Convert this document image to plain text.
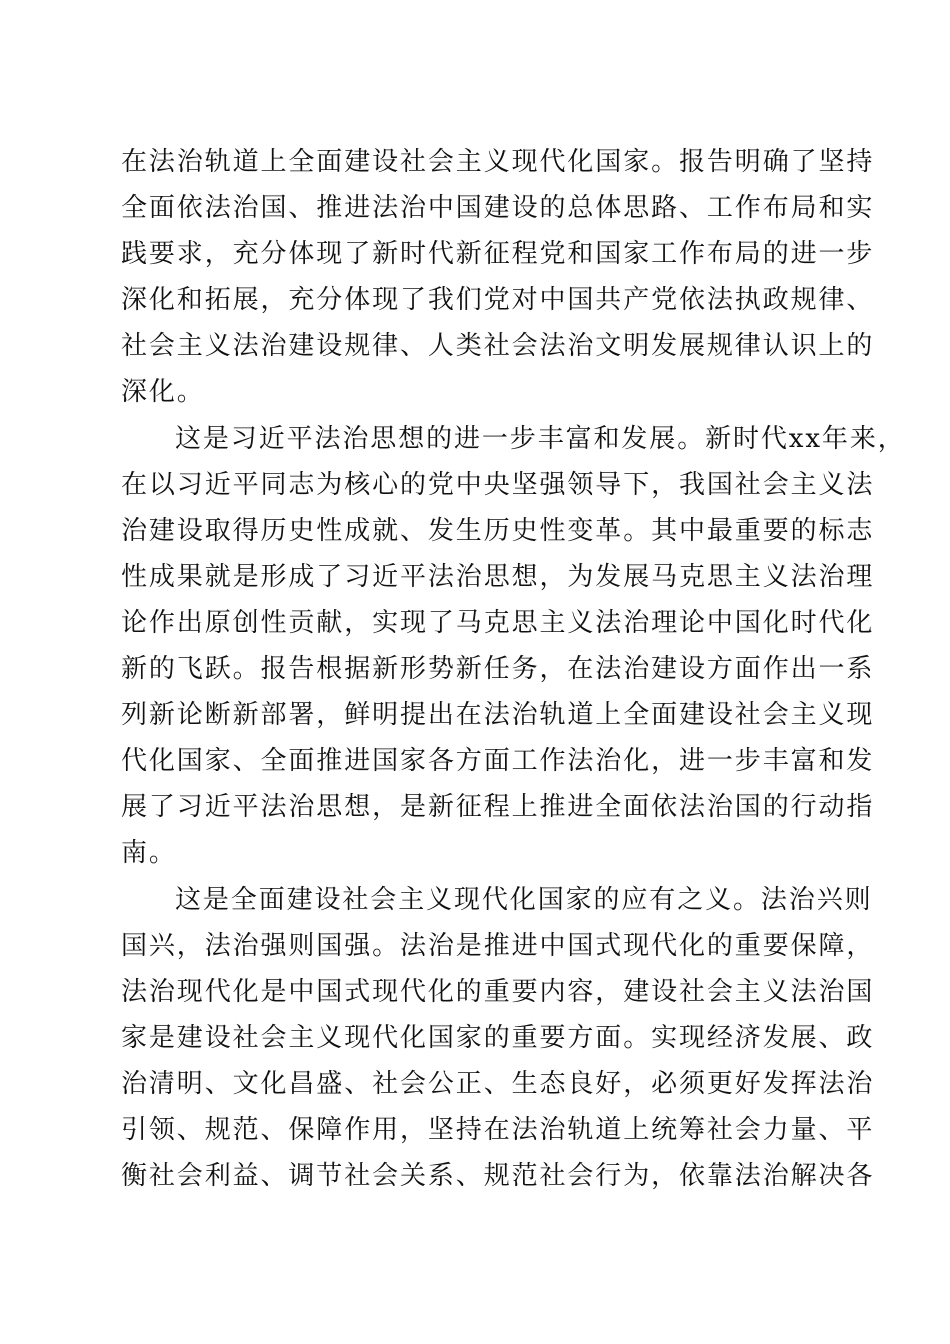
在法治轨道上全面建设社会主义现代化国家。报告明确了坚持
全面依法治国、推进法治中国建设的总体思路、工作布局和实
践要求，充分体现了新时代新征程党和国家工作布局的进一步
深化和拓展，充分体现了我们党对中国共产党依法执政规律、
社会主义法治建设规律、人类社会法治文明发展规律认识上的
深化。
这是习近平法治思想的进一步丰富和发展。新时代xx年来，
在以习近平同志为核心的党中央坚强领导下，我国社会主义法
治建设取得历史性成就、发生历史性变革。其中最重要的标志
性成果就是形成了习近平法治思想，为发展马克思主义法治理
论作出原创性贡献，实现了马克思主义法治理论中国化时代化
新的飞跃。报告根据新形势新任务，在法治建设方面作出一系
列新论断新部署，鲜明提出在法治轨道上全面建设社会主义现
代化国家、全面推进国家各方面工作法治化，进一步丰富和发
展了习近平法治思想，是新征程上推进全面依法治国的行动指
南。
这是全面建设社会主义现代化国家的应有之义。法治兴则
国兴，法治强则国强。法治是推进中国式现代化的重要保障，
法治现代化是中国式现代化的重要内容，建设社会主义法治国
家是建设社会主义现代化国家的重要方面。实现经济发展、政
治清明、文化昌盛、社会公正、生态良好，必须更好发挥法治
引领、规范、保障作用，坚持在法治轨道上统筹社会力量、平
衡社会利益、调节社会关系、规范社会行为，依靠法治解决各
